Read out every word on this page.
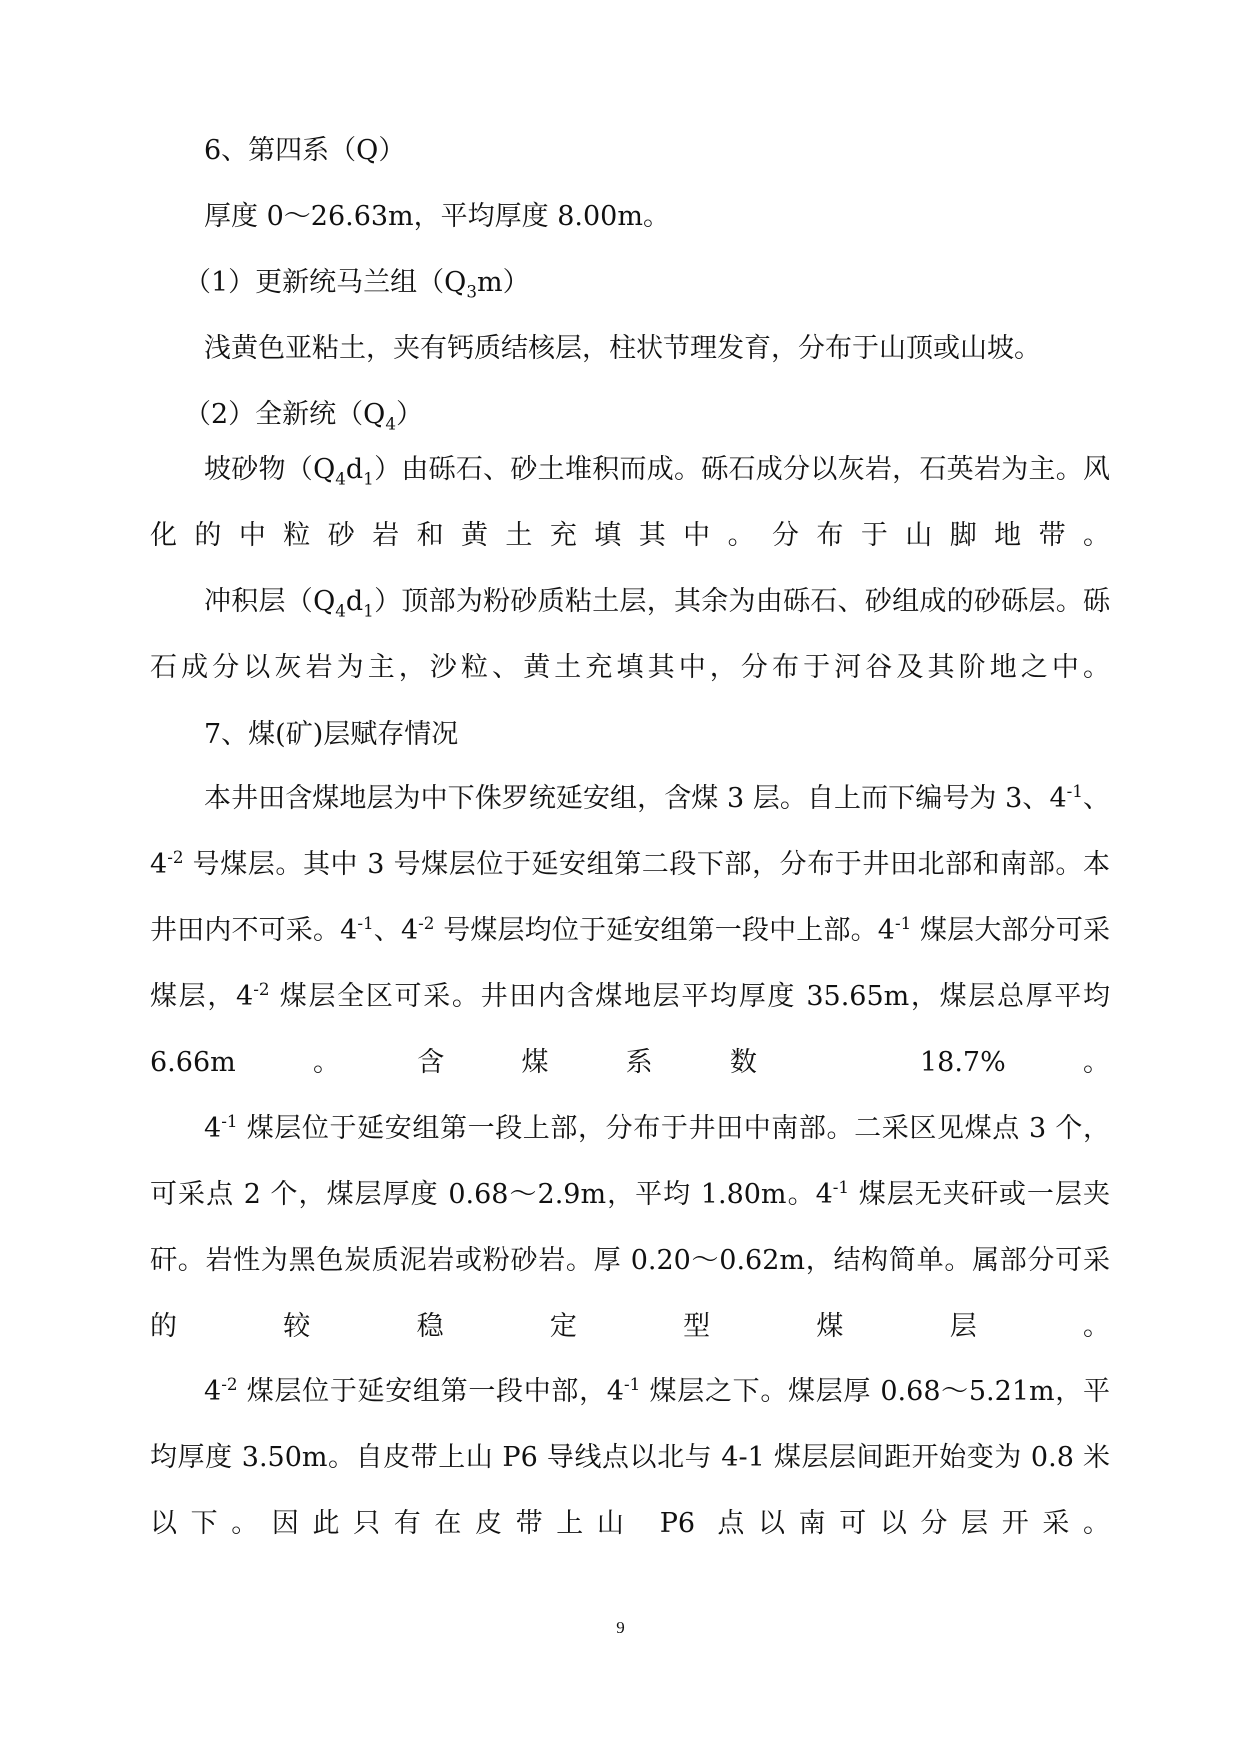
6、第四系（Q）

厚度 0～26.63m，平均厚度 8.00m。

（1）更新统马兰组$(Q_3m)$

浅黄色亚粘土，夹有钙质结核层，柱状节理发育，分布于山顶或山坡。

（2）全新统$(Q_4)$

坡砂物$(Q_4d_1)$由砾石、砂土堆积而成。砾石成分以灰岩，石英岩为主。风化的中粒砂岩和黄土充填其中。分布于山脚地带。

冲积层$(Q_4d_1)$顶部为粉砂质粘土层，其余为由砾石、砂组成的砂砾层。砾石成分以灰岩为主，沙粒、黄土充填其中，分布于河谷及其阶地之中。

7、煤(矿)层赋存情况

本井田含煤地层为中下侏罗统延安组，含煤 3 层。自上而下编号为 3、$4^{-1}$、$4^{-2}$ 号煤层。其中 3 号煤层位于延安组第二段下部，分布于井田北部和南部。本井田内不可采。$4^{-1}$、$4^{-2}$ 号煤层均位于延安组第一段中上部。$4^{-1}$ 煤层大部分可采煤层，$4^{-2}$ 煤层全区可采。井田内含煤地层平均厚度 35.65m，煤层总厚平均 6.66m。含煤系数 18.7%。

$4^{-1}$ 煤层位于延安组第一段上部，分布于井田中南部。二采区见煤点 3 个，可采点 2 个，煤层厚度 0.68～2.9m，平均 1.80m。$4^{-1}$ 煤层无夹矸或一层夹矸。岩性为黑色炭质泥岩或粉砂岩。厚 0.20～0.62m，结构简单。属部分可采的较稳定型煤层。

$4^{-2}$ 煤层位于延安组第一段中部，$4^{-1}$ 煤层之下。煤层厚 0.68～5.21m，平均厚度 3.50m。自皮带上山 P6 导线点以北与 4-1 煤层层间距开始变为 0.8 米以下。因此只有在皮带上山 P6 点以南可以分层开采。

9
